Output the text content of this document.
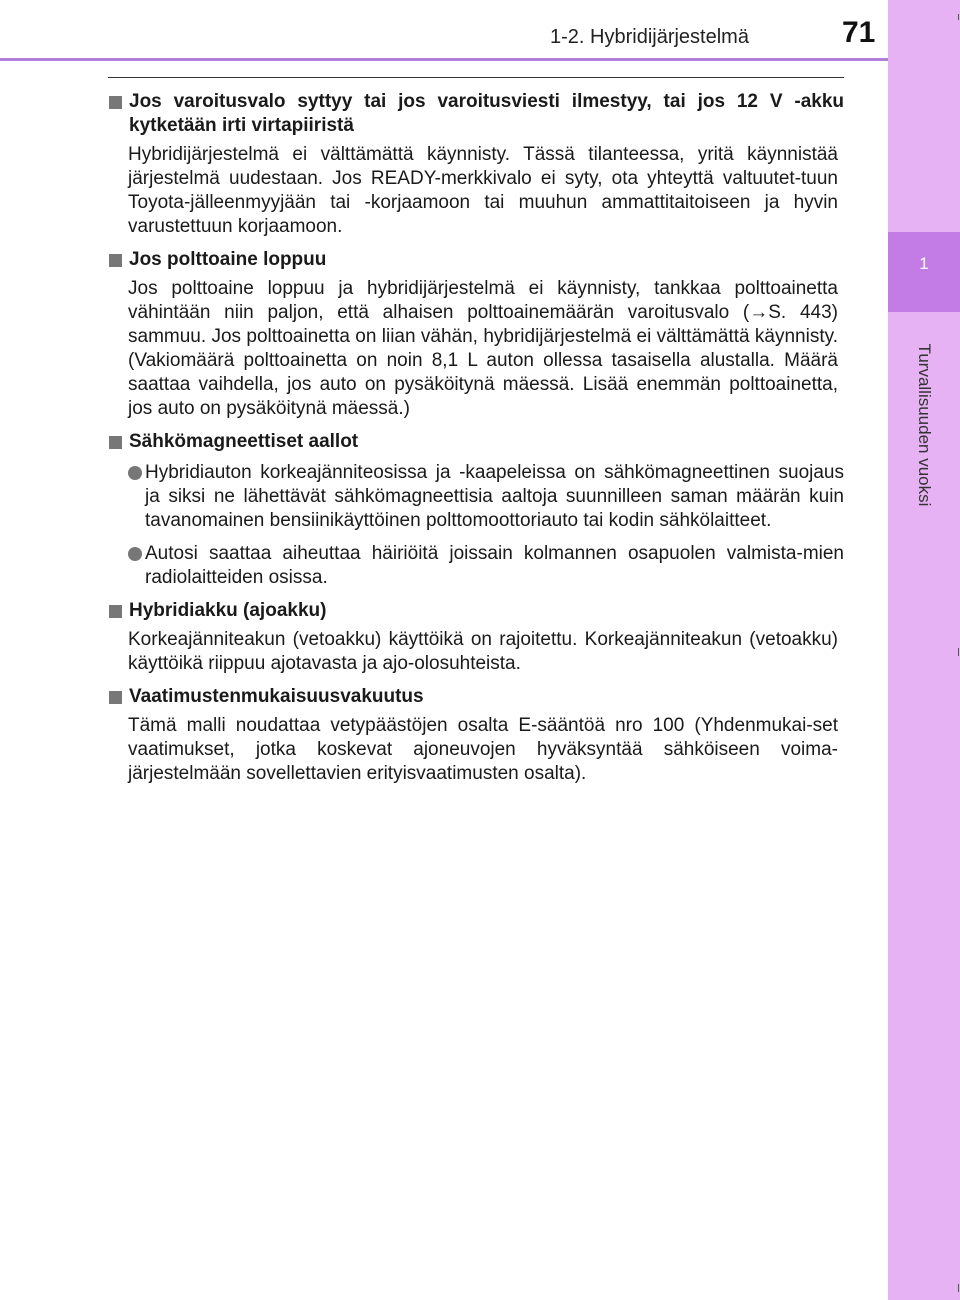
1-2. Hybridijärjestelmä	71
1
Turvallisuuden vuoksi
Jos varoitusvalo syttyy tai jos varoitusviesti ilmestyy, tai jos 12 V -akku kytketään irti virtapiiristä
Hybridijärjestelmä ei välttämättä käynnisty. Tässä tilanteessa, yritä käynnistää järjestelmä uudestaan. Jos READY-merkkivalo ei syty, ota yhteyttä valtuutet-tuun Toyota-jälleenmyyjään tai -korjaamoon tai muuhun ammattitaitoiseen ja hyvin varustettuun korjaamoon.
Jos polttoaine loppuu
Jos polttoaine loppuu ja hybridijärjestelmä ei käynnisty, tankkaa polttoainetta vähintään niin paljon, että alhaisen polttoainemäärän varoitusvalo (→S. 443) sammuu. Jos polttoainetta on liian vähän, hybridijärjestelmä ei välttämättä käynnisty. (Vakiomäärä polttoainetta on noin 8,1 L auton ollessa tasaisella alustalla. Määrä saattaa vaihdella, jos auto on pysäköitynä mäessä. Lisää enemmän polttoainetta, jos auto on pysäköitynä mäessä.)
Sähkömagneettiset aallot
Hybridiauton korkeajänniteosissa ja -kaapeleissa on sähkömagneettinen suojaus ja siksi ne lähettävät sähkömagneettisia aaltoja suunnilleen saman määrän kuin tavanomainen bensiinikäyttöinen polttomoottoriauto tai kodin sähkölaitteet.
Autosi saattaa aiheuttaa häiriöitä joissain kolmannen osapuolen valmista-mien radiolaitteiden osissa.
Hybridiakku (ajoakku)
Korkeajänniteakun (vetoakku) käyttöikä on rajoitettu. Korkeajänniteakun (vetoakku) käyttöikä riippuu ajotavasta ja ajo-olosuhteista.
Vaatimustenmukaisuusvakuutus
Tämä malli noudattaa vetypäästöjen osalta E-sääntöä nro 100 (Yhdenmukai-set vaatimukset, jotka koskevat ajoneuvojen hyväksyntää sähköiseen voima-järjestelmään sovellettavien erityisvaatimusten osalta).
